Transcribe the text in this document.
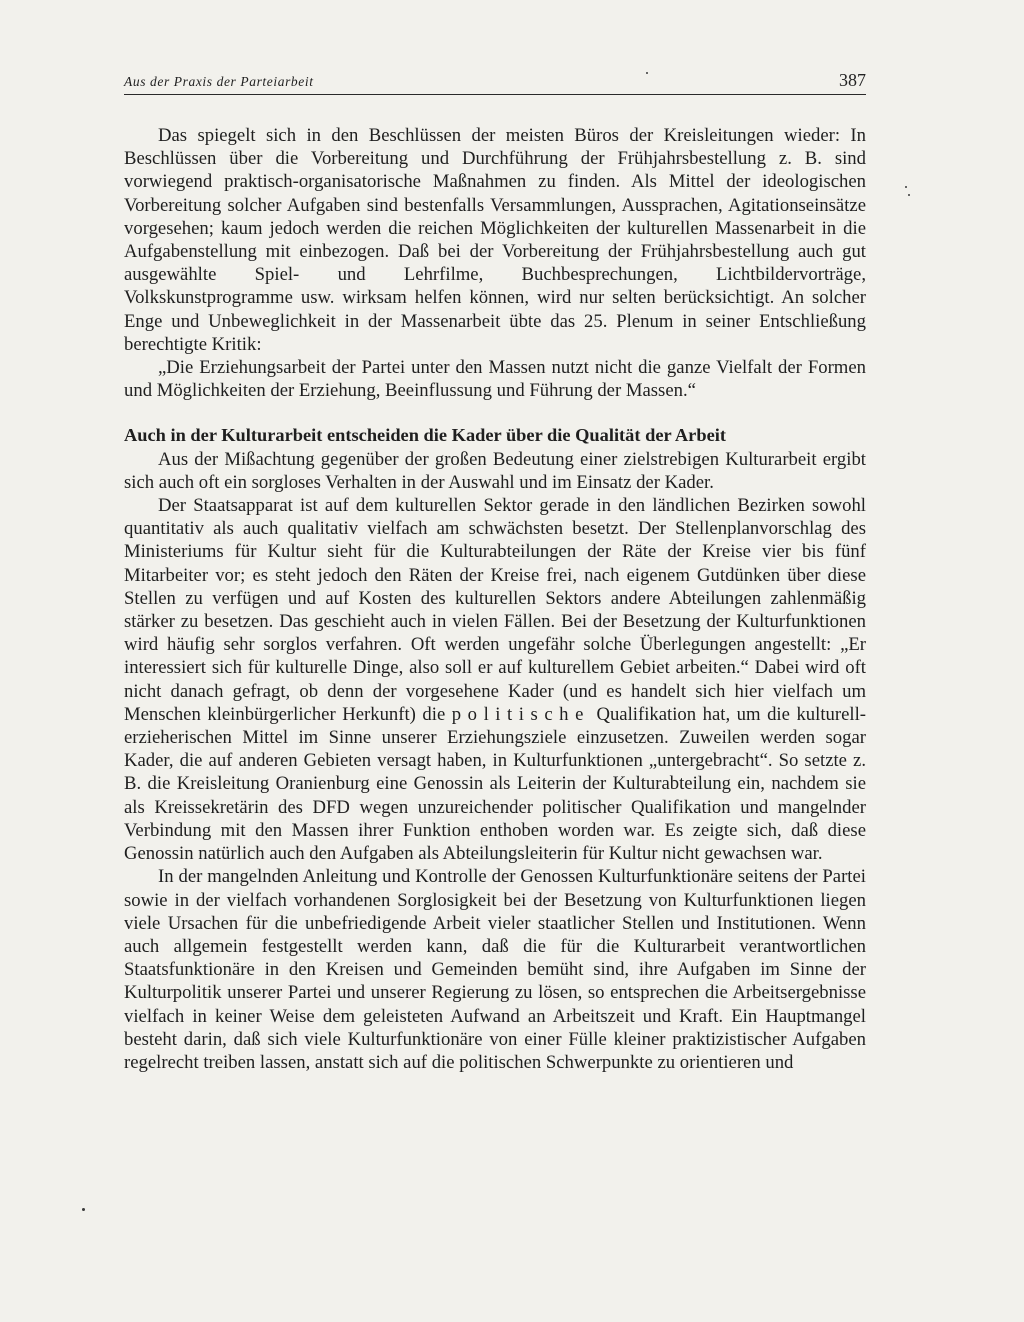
Aus der Praxis der Parteiarbeit	387

Das spiegelt sich in den Beschlüssen der meisten Büros der Kreisleitungen wieder: In Beschlüssen über die Vorbereitung und Durchführung der Frühjahrsbestellung z. B. sind vorwiegend praktisch-organisatorische Maßnahmen zu finden. Als Mittel der ideologischen Vorbereitung solcher Aufgaben sind bestenfalls Versammlungen, Aussprachen, Agitationseinsätze vorgesehen; kaum jedoch werden die reichen Möglichkeiten der kulturellen Massenarbeit in die Aufgabenstellung mit einbezogen. Daß bei der Vorbereitung der Frühjahrsbestellung auch gut ausgewählte Spiel- und Lehrfilme, Buchbesprechungen, Lichtbildervorträge, Volkskunstprogramme usw. wirksam helfen können, wird nur selten berücksichtigt. An solcher Enge und Unbeweglichkeit in der Massenarbeit übte das 25. Plenum in seiner Entschließung berechtigte Kritik:

„Die Erziehungsarbeit der Partei unter den Massen nutzt nicht die ganze Vielfalt der Formen und Möglichkeiten der Erziehung, Beeinflussung und Führung der Massen.“

Auch in der Kulturarbeit entscheiden die Kader über die Qualität der Arbeit

Aus der Mißachtung gegenüber der großen Bedeutung einer zielstrebigen Kulturarbeit ergibt sich auch oft ein sorgloses Verhalten in der Auswahl und im Einsatz der Kader.

Der Staatsapparat ist auf dem kulturellen Sektor gerade in den ländlichen Bezirken sowohl quantitativ als auch qualitativ vielfach am schwächsten besetzt. Der Stellenplanvorschlag des Ministeriums für Kultur sieht für die Kulturabteilungen der Räte der Kreise vier bis fünf Mitarbeiter vor; es steht jedoch den Räten der Kreise frei, nach eigenem Gutdünken über diese Stellen zu verfügen und auf Kosten des kulturellen Sektors andere Abteilungen zahlenmäßig stärker zu besetzen. Das geschieht auch in vielen Fällen. Bei der Besetzung der Kulturfunktionen wird häufig sehr sorglos verfahren. Oft werden ungefähr solche Überlegungen angestellt: „Er interessiert sich für kulturelle Dinge, also soll er auf kulturellem Gebiet arbeiten.“ Dabei wird oft nicht danach gefragt, ob denn der vorgesehene Kader (und es handelt sich hier vielfach um Menschen kleinbürgerlicher Herkunft) die politische Qualifikation hat, um die kulturell-erzieherischen Mittel im Sinne unserer Erziehungsziele einzusetzen. Zuweilen werden sogar Kader, die auf anderen Gebieten versagt haben, in Kulturfunktionen „untergebracht“. So setzte z. B. die Kreisleitung Oranienburg eine Genossin als Leiterin der Kulturabteilung ein, nachdem sie als Kreissekretärin des DFD wegen unzureichender politischer Qualifikation und mangelnder Verbindung mit den Massen ihrer Funktion enthoben worden war. Es zeigte sich, daß diese Genossin natürlich auch den Aufgaben als Abteilungsleiterin für Kultur nicht gewachsen war.

In der mangelnden Anleitung und Kontrolle der Genossen Kulturfunktionäre seitens der Partei sowie in der vielfach vorhandenen Sorglosigkeit bei der Besetzung von Kulturfunktionen liegen viele Ursachen für die unbefriedigende Arbeit vieler staatlicher Stellen und Institutionen. Wenn auch allgemein festgestellt werden kann, daß die für die Kulturarbeit verantwortlichen Staatsfunktionäre in den Kreisen und Gemeinden bemüht sind, ihre Aufgaben im Sinne der Kulturpolitik unserer Partei und unserer Regierung zu lösen, so entsprechen die Arbeitsergebnisse vielfach in keiner Weise dem geleisteten Aufwand an Arbeitszeit und Kraft. Ein Hauptmangel besteht darin, daß sich viele Kulturfunktionäre von einer Fülle kleiner praktizistischer Aufgaben regelrecht treiben lassen, anstatt sich auf die politischen Schwerpunkte zu orientieren und
